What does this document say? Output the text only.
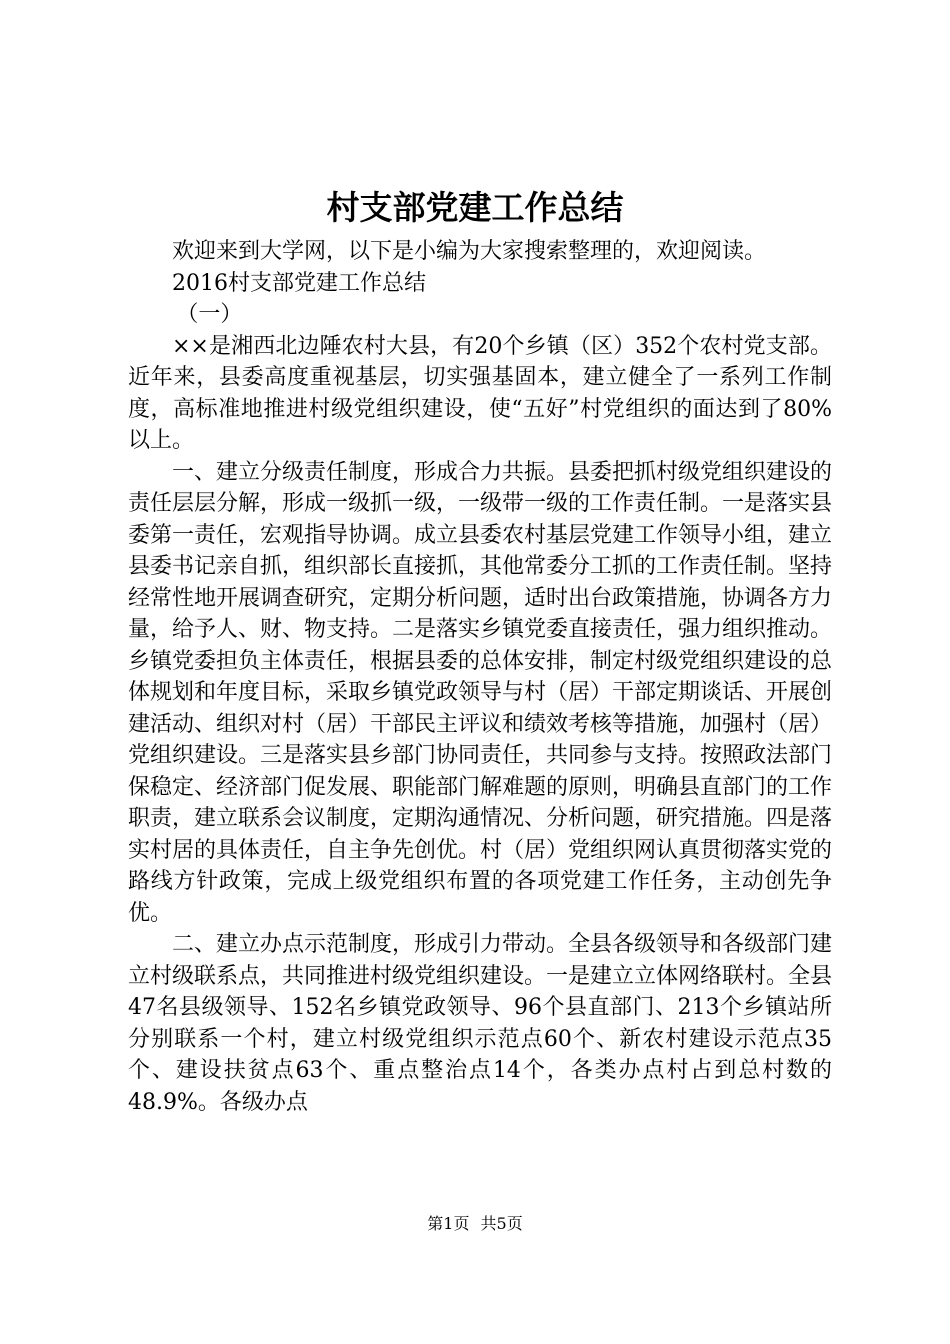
村支部党建工作总结

欢迎来到大学网，以下是小编为大家搜索整理的，欢迎阅读。

2016村支部党建工作总结

（一）

××是湘西北边陲农村大县，有20个乡镇（区）352个农村党支部。近年来，县委高度重视基层，切实强基固本，建立健全了一系列工作制度，高标准地推进村级党组织建设，使“五好”村党组织的面达到了80%以上。

一、建立分级责任制度，形成合力共振。县委把抓村级党组织建设的责任层层分解，形成一级抓一级，一级带一级的工作责任制。一是落实县委第一责任，宏观指导协调。成立县委农村基层党建工作领导小组，建立县委书记亲自抓，组织部长直接抓，其他常委分工抓的工作责任制。坚持经常性地开展调查研究，定期分析问题，适时出台政策措施，协调各方力量，给予人、财、物支持。二是落实乡镇党委直接责任，强力组织推动。乡镇党委担负主体责任，根据县委的总体安排，制定村级党组织建设的总体规划和年度目标，采取乡镇党政领导与村（居）干部定期谈话、开展创建活动、组织对村（居）干部民主评议和绩效考核等措施，加强村（居）党组织建设。三是落实县乡部门协同责任，共同参与支持。按照政法部门保稳定、经济部门促发展、职能部门解难题的原则，明确县直部门的工作职责，建立联系会议制度，定期沟通情况、分析问题，研究措施。四是落实村居的具体责任，自主争先创优。村（居）党组织网认真贯彻落实党的路线方针政策，完成上级党组织布置的各项党建工作任务，主动创先争优。

二、建立办点示范制度，形成引力带动。全县各级领导和各级部门建立村级联系点，共同推进村级党组织建设。一是建立立体网络联村。全县47名县级领导、152名乡镇党政领导、96个县直部门、213个乡镇站所分别联系一个村，建立村级党组织示范点60个、新农村建设示范点35个、建设扶贫点63个、重点整治点14个，各类办点村占到总村数的48.9%。各级办点

第1页 共5页
